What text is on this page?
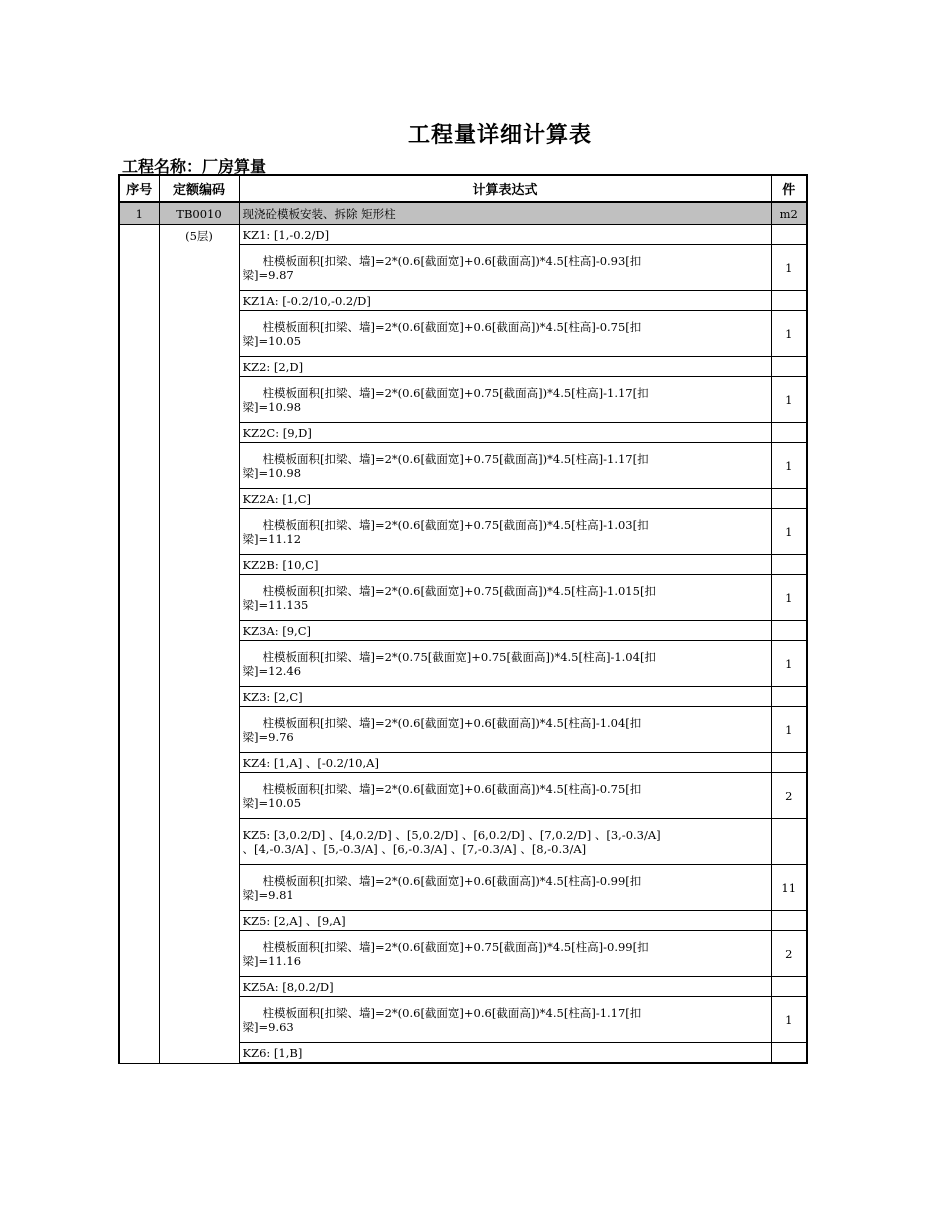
工程量详细计算表
工程名称：厂房算量
序号	定额编码	计算表达式	件
1	TB0010	现浇砼模板安装、拆除 矩形柱	m2
	(5层)	KZ1: [1,-0.2/D]	

		柱模板面积[扣梁、墙]=2*(0.6[截面宽]+0.6[截面高])*4.5[柱高]-0.93[扣
梁]=9.87	1
		KZ1A: [-0.2/10,-0.2/D]	

		柱模板面积[扣梁、墙]=2*(0.6[截面宽]+0.6[截面高])*4.5[柱高]-0.75[扣
梁]=10.05	1
		KZ2: [2,D]	

		柱模板面积[扣梁、墙]=2*(0.6[截面宽]+0.75[截面高])*4.5[柱高]-1.17[扣
梁]=10.98	1
		KZ2C: [9,D]	

		柱模板面积[扣梁、墙]=2*(0.6[截面宽]+0.75[截面高])*4.5[柱高]-1.17[扣
梁]=10.98	1
		KZ2A: [1,C]	

		柱模板面积[扣梁、墙]=2*(0.6[截面宽]+0.75[截面高])*4.5[柱高]-1.03[扣
梁]=11.12	1
		KZ2B: [10,C]	

		柱模板面积[扣梁、墙]=2*(0.6[截面宽]+0.75[截面高])*4.5[柱高]-1.015[扣
梁]=11.135	1
		KZ3A: [9,C]	

		柱模板面积[扣梁、墙]=2*(0.75[截面宽]+0.75[截面高])*4.5[柱高]-1.04[扣
梁]=12.46	1
		KZ3: [2,C]	

		柱模板面积[扣梁、墙]=2*(0.6[截面宽]+0.6[截面高])*4.5[柱高]-1.04[扣
梁]=9.76	1
		KZ4: [1,A] 、[-0.2/10,A]	

		柱模板面积[扣梁、墙]=2*(0.6[截面宽]+0.6[截面高])*4.5[柱高]-0.75[扣
梁]=10.05	2

		KZ5: [3,0.2/D] 、[4,0.2/D] 、[5,0.2/D] 、[6,0.2/D] 、[7,0.2/D] 、[3,-0.3/A]
、[4,-0.3/A] 、[5,-0.3/A] 、[6,-0.3/A] 、[7,-0.3/A] 、[8,-0.3/A]	

		柱模板面积[扣梁、墙]=2*(0.6[截面宽]+0.6[截面高])*4.5[柱高]-0.99[扣
梁]=9.81	11
		KZ5: [2,A] 、[9,A]	

		柱模板面积[扣梁、墙]=2*(0.6[截面宽]+0.75[截面高])*4.5[柱高]-0.99[扣
梁]=11.16	2
		KZ5A: [8,0.2/D]	

		柱模板面积[扣梁、墙]=2*(0.6[截面宽]+0.6[截面高])*4.5[柱高]-1.17[扣
梁]=9.63	1
		KZ6: [1,B]	
